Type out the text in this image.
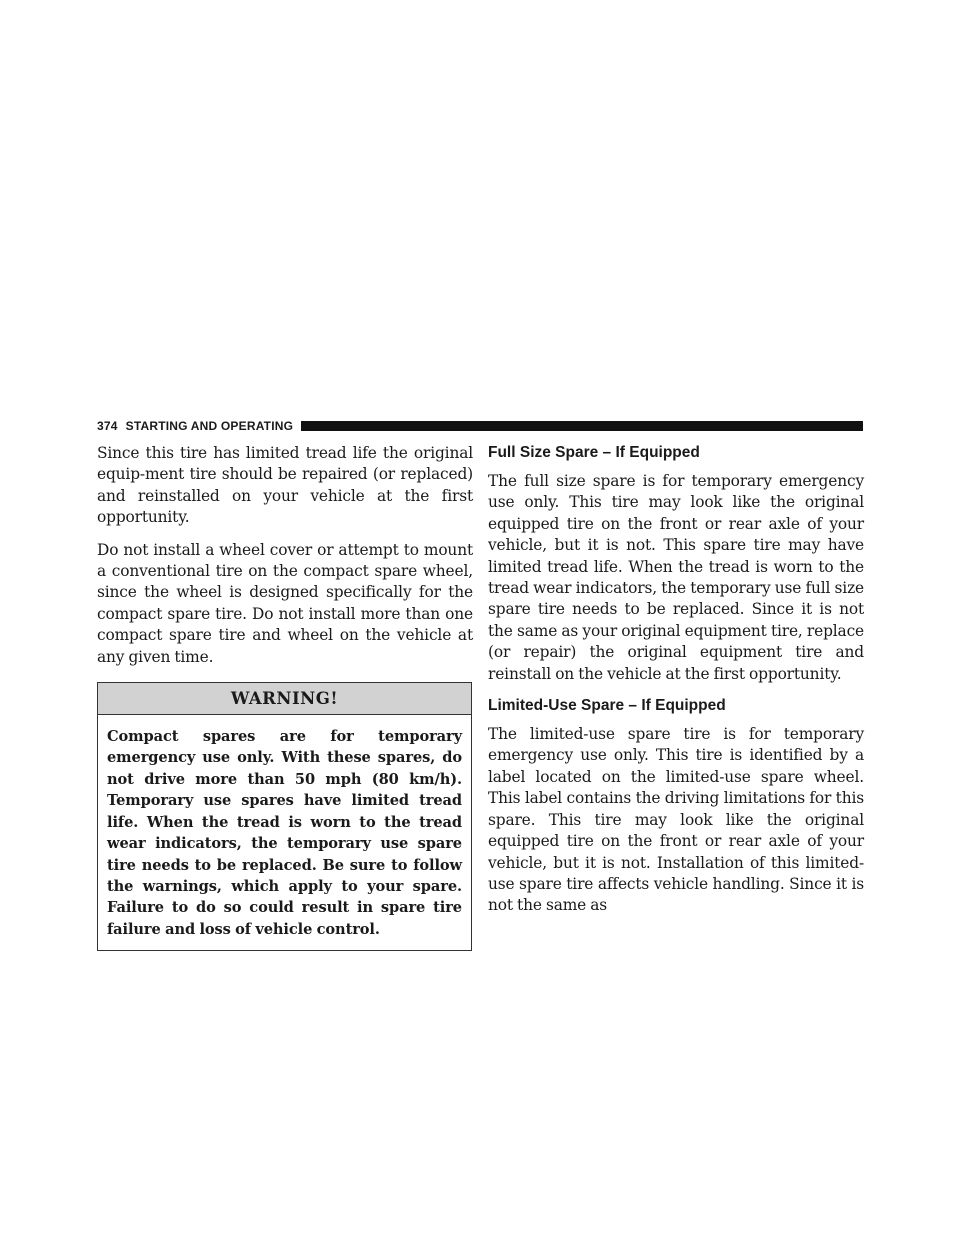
374 STARTING AND OPERATING

Since this tire has limited tread life the original equip-ment tire should be repaired (or replaced) and reinstalled on your vehicle at the first opportunity.

Do not install a wheel cover or attempt to mount a conventional tire on the compact spare wheel, since the wheel is designed specifically for the compact spare tire. Do not install more than one compact spare tire and wheel on the vehicle at any given time.

WARNING!
Compact spares are for temporary emergency use only. With these spares, do not drive more than 50 mph (80 km/h). Temporary use spares have limited tread life. When the tread is worn to the tread wear indicators, the temporary use spare tire needs to be replaced. Be sure to follow the warnings, which apply to your spare. Failure to do so could result in spare tire failure and loss of vehicle control.
Full Size Spare – If Equipped

The full size spare is for temporary emergency use only. This tire may look like the original equipped tire on the front or rear axle of your vehicle, but it is not. This spare tire may have limited tread life. When the tread is worn to the tread wear indicators, the temporary use full size spare tire needs to be replaced. Since it is not the same as your original equipment tire, replace (or repair) the original equipment tire and reinstall on the vehicle at the first opportunity.

Limited-Use Spare – If Equipped

The limited-use spare tire is for temporary emergency use only. This tire is identified by a label located on the limited-use spare wheel. This label contains the driving limitations for this spare. This tire may look like the original equipped tire on the front or rear axle of your vehicle, but it is not. Installation of this limited-use spare tire affects vehicle handling. Since it is not the same as
